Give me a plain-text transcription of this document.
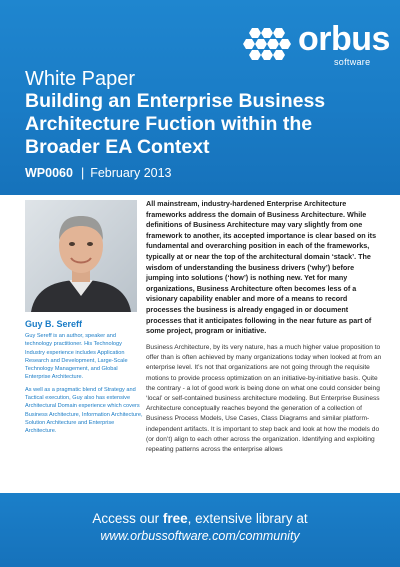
orbus
software
White Paper
Building an Enterprise Business Architecture Fuction within the Broader EA Context
WP0060 | February 2013
Guy B. Sereff

Guy Sereff is an author, speaker and technology practitioner. His Technology Industry experience includes Application Research and Development, Large-Scale Technology Management, and Global Enterprise Architecture.

As well as a pragmatic blend of Strategy and Tactical execution, Guy also has extensive Architectural Domain experience which covers Business Architecture, Information Architecture, Solution Architecture and Enterprise Architecture.

All mainstream, industry-hardened Enterprise Architecture frameworks address the domain of Business Architecture. While definitions of Business Architecture may vary slightly from one framework to another, its accepted importance is clear based on its fundamental and overarching position in each of the frameworks, typically at or near the top of the architectural domain ‘stack’. The wisdom of understanding the business drivers (‘why’) before jumping into solutions (‘how’) is nothing new. Yet for many organizations, Business Architecture often becomes less of a visionary capability enabler and more of a means to record processes the business is already engaged in or document processes that it anticipates following in the near future as part of some project, program or initiative.
Business Architecture, by its very nature, has a much higher value proposition to offer than is often achieved by many organizations today when looked at from an enterprise level. It’s not that organizations are not going through the requisite motions to provide process optimization on an initiative-by-initiative basis. Quite the contrary - a lot of good work is being done on what one could consider being ‘local’ or self-contained business architecture modeling. But Enterprise Business Architecture conceptually reaches beyond the generation of a collection of Business Process Models, Use Cases, Class Diagrams and similar platform-independent artifacts. It is important to step back and look at how the models do (or don’t) align to each other across the organization. Identifying and exploiting repeating patterns across the enterprise allows
Access our free, extensive library at
www.orbussoftware.com/community
